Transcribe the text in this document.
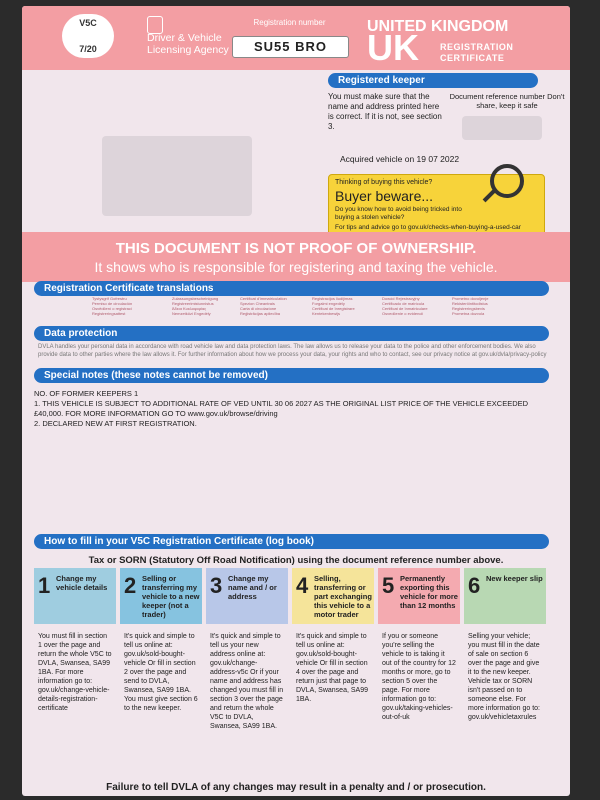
V5C
7/20
Driver & Vehicle Licensing Agency
Registration number
SU55 BRO
UNITED KINGDOM
UK REGISTRATION
CERTIFICATE
Registered keeper
You must make sure that the name and address printed here is correct. If it is not, see section 3.
Document reference number Don't share, keep it safe
Acquired vehicle on 19 07 2022
Thinking of buying this vehicle?
Buyer beware...
Do you know how to avoid being tricked into buying a stolen vehicle?
For tips and advice go to gov.uk/checks-when-buying-a-used-car
THIS DOCUMENT IS NOT PROOF OF OWNERSHIP.
It shows who is responsible for registering and taxing the vehicle.
Registration Certificate translations
Tystysgrif Gofrestru
Permiso de circulación
Osvědčení o registraci
Registreringsattest
Zulassungsbescheinigung
Registreerimistunnistus
Άδεια Κυκλοφορίας
Nemzetközi Engedély
Certificat d'immatriculation
Spezion Cheantrais
Carta di circolazione
Reģistrācijas apliecība
Registracijos liudijimas
Forgalmi engedély
Certificat de înregistrare
Kentekenbewijs
Dowód Rejestracyjny
Certificado de matrícula
Certificat de înmatriculare
Osvedčenie o evidencii
Prometno dovoljenje
Rekisteröintitodistus
Registreringsbevis
Prometna dozvola
Data protection
DVLA handles your personal data in accordance with road vehicle law and data protection laws. The law allows us to release your data to the police and other enforcement bodies. We also provide data to other parties where the law allows it. For further information about how we process your data, your rights and who to contact, see our privacy notice at gov.uk/dvla/privacy-policy
Special notes (these notes cannot be removed)
NO. OF FORMER KEEPERS 1
1. THIS VEHICLE IS SUBJECT TO ADDITIONAL RATE OF VED UNTIL 30 06 2027 AS THE ORIGINAL LIST PRICE OF THE VEHICLE EXCEEDED
£40,000. FOR MORE INFORMATION GO TO www.gov.uk/browse/driving
2. DECLARED NEW AT FIRST REGISTRATION.
How to fill in your V5C Registration Certificate (log book)
Tax or SORN (Statutory Off Road Notification) using the document reference number above.
1 Change my vehicle details
You must fill in section 1 over the page and return the whole V5C to DVLA, Swansea, SA99 1BA. For more information go to: gov.uk/change-vehicle-details-registration-certificate
2 Selling or transferring my vehicle to a new keeper (not a trader)
It's quick and simple to tell us online at: gov.uk/sold-bought-vehicle Or fill in section 2 over the page and send to DVLA, Swansea, SA99 1BA. You must give section 6 to the new keeper.
3 Change my name and / or address
It's quick and simple to tell us your new address online at: gov.uk/change-address-v5c Or if your name and address has changed you must fill in section 3 over the page and return the whole V5C to DVLA, Swansea, SA99 1BA.
4 Selling, transferring or part exchanging this vehicle to a motor trader
It's quick and simple to tell us online at: gov.uk/sold-bought-vehicle Or fill in section 4 over the page and return just that page to DVLA, Swansea, SA99 1BA.
5 Permanently exporting this vehicle for more than 12 months
If you or someone you're selling the vehicle to is taking it out of the country for 12 months or more, go to section 5 over the page. For more information go to: gov.uk/taking-vehicles-out-of-uk
6 New keeper slip
Selling your vehicle; you must fill in the date of sale on section 6 over the page and give it to the new keeper. Vehicle tax or SORN isn't passed on to someone else. For more information go to: gov.uk/vehicletaxrules
Failure to tell DVLA of any changes may result in a penalty and / or prosecution.
